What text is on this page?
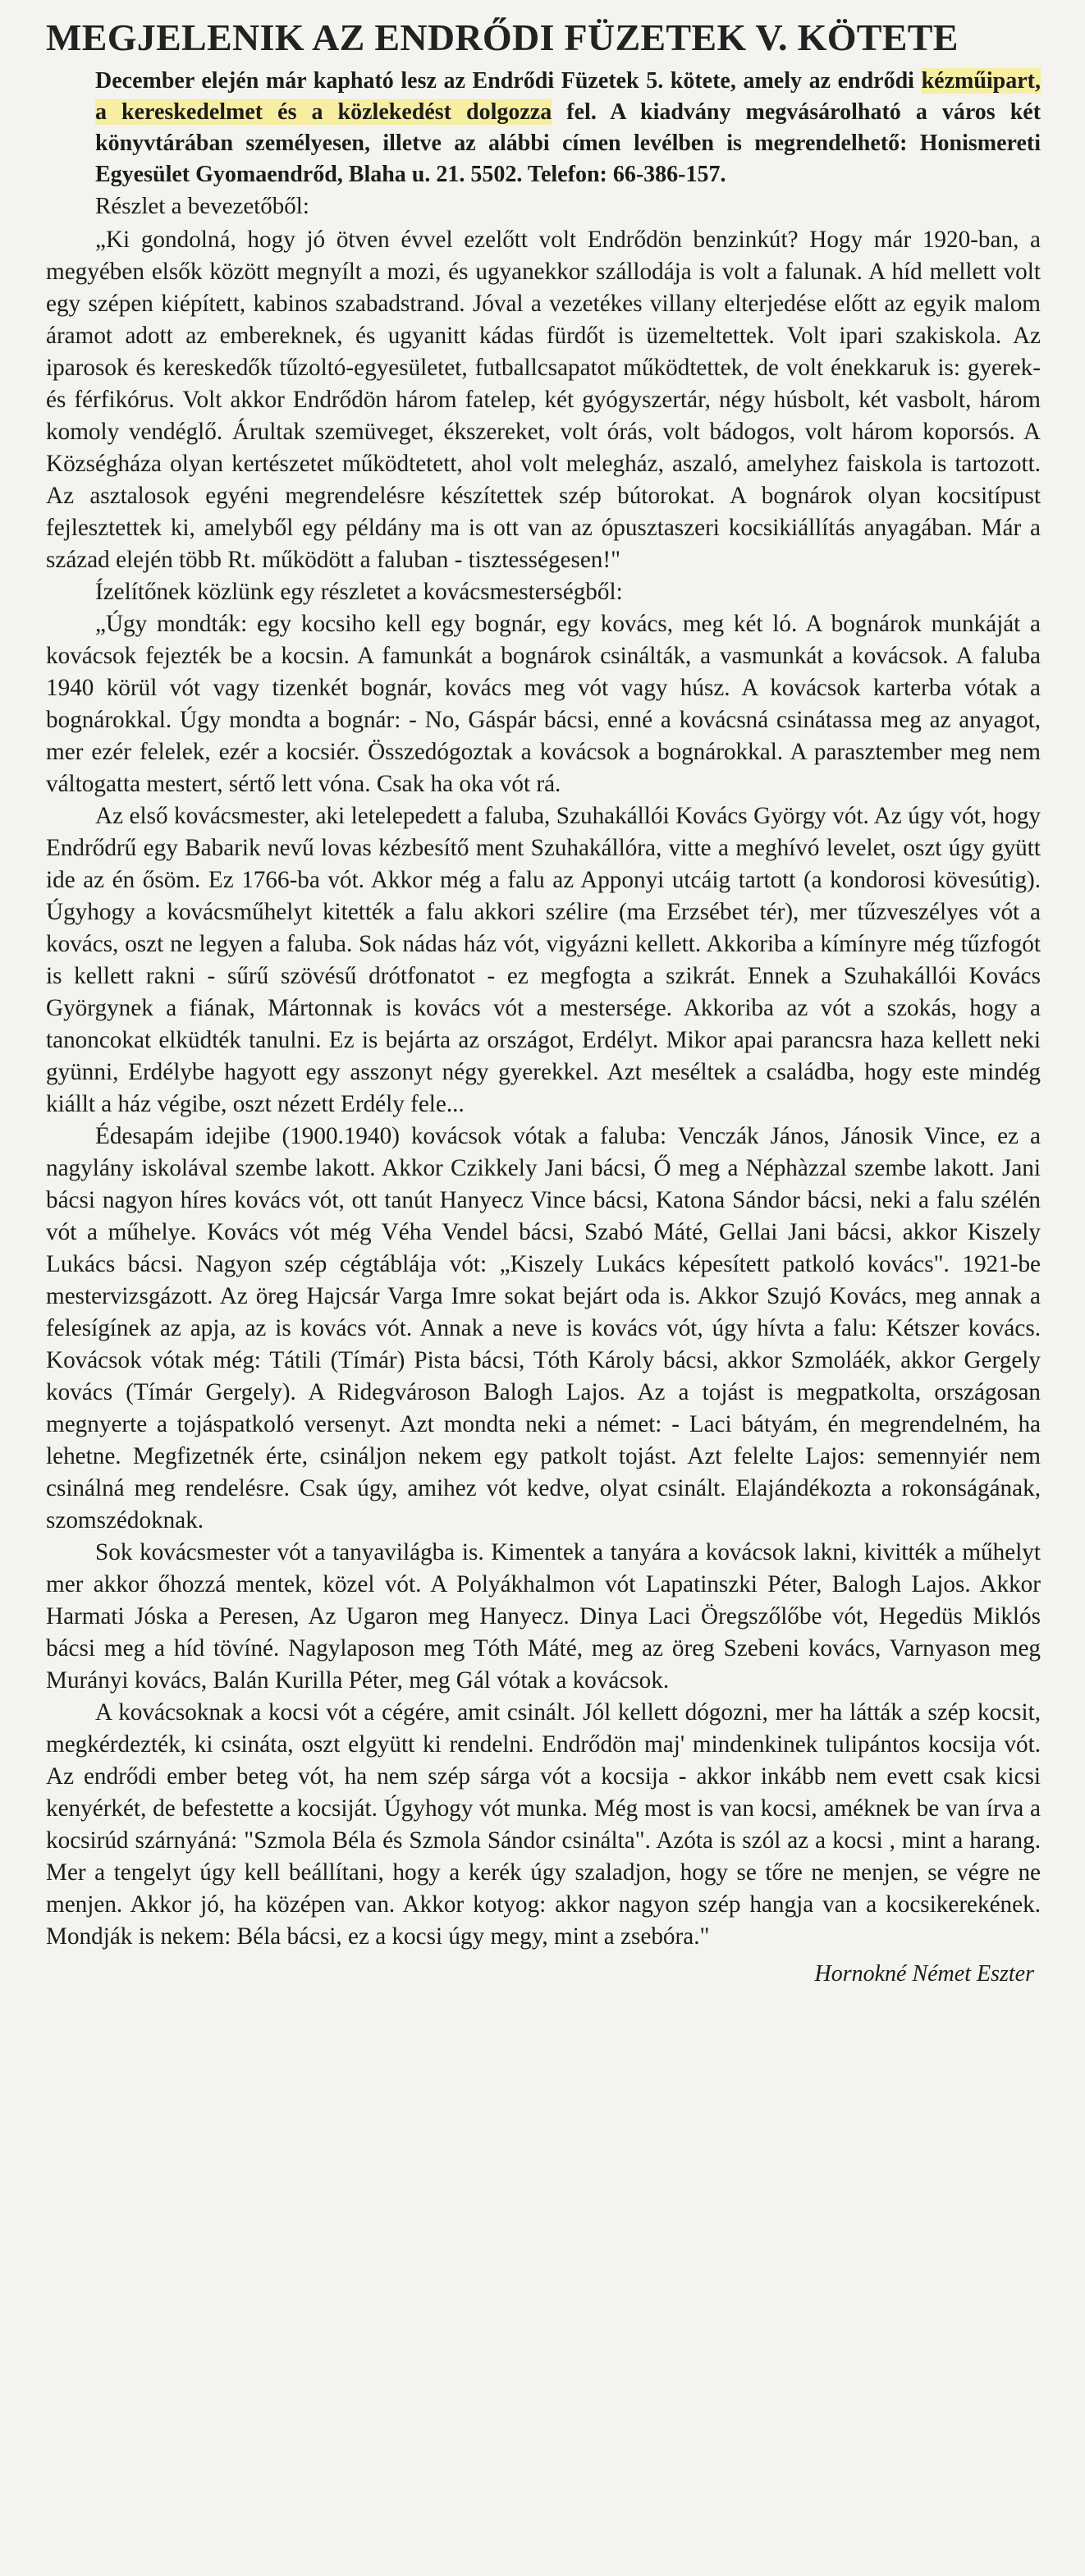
MEGJELENIK AZ ENDRŐDI FÜZETEK V. KÖTETE

December elején már kapható lesz az Endrődi Füzetek 5. kötete, amely az endrődi kézműipart, a kereskedelmet és a közlekedést dolgozza fel. A kiadvány megvásárolható a város két könyvtárában személyesen, illetve az alábbi címen levélben is megrendelhető: Honismereti Egyesület Gyomaendrőd, Blaha u. 21. 5502. Telefon: 66-386-157.

Részlet a bevezetőből:

„Ki gondolná, hogy jó ötven évvel ezelőtt volt Endrődön benzinkút? Hogy már 1920-ban, a megyében elsők között megnyílt a mozi, és ugyanekkor szállodája is volt a falunak. A híd mellett volt egy szépen kiépített, kabinos szabadstrand. Jóval a vezetékes villany elterjedése előtt az egyik malom áramot adott az embereknek, és ugyanitt kádas fürdőt is üzemeltettek. Volt ipari szakiskola. Az iparosok és kereskedők tűzoltó-egyesületet, futballcsapatot működtettek, de volt énekkaruk is: gyerek- és férfikórus. Volt akkor Endrődön három fatelep, két gyógyszertár, négy húsbolt, két vasbolt, három komoly vendéglő. Árultak szemüveget, ékszereket, volt órás, volt bádogos, volt három koporsós. A Községháza olyan kertészetet működtetett, ahol volt melegház, aszaló, amelyhez faiskola is tartozott. Az asztalosok egyéni megrendelésre készítettek szép bútorokat. A bognárok olyan kocsitípust fejlesztettek ki, amelyből egy példány ma is ott van az ópusztaszeri kocsikiállítás anyagában. Már a század elején több Rt. működött a faluban - tisztességesen!"

Ízelítőnek közlünk egy részletet a kovácsmesterségből:

„Úgy mondták: egy kocsiho kell egy bognár, egy kovács, meg két ló. A bognárok munkáját a kovácsok fejezték be a kocsin. A famunkát a bognárok csinálták, a vasmunkát a kovácsok. A faluba 1940 körül vót vagy tizenkét bognár, kovács meg vót vagy húsz. A kovácsok karterba vótak a bognárokkal. Úgy mondta a bognár: - No, Gáspár bácsi, enné a kovácsná csinátassa meg az anyagot, mer ezér felelek, ezér a kocsiér. Összedógoztak a kovácsok a bognárokkal. A parasztember meg nem váltogatta mestert, sértő lett vóna. Csak ha oka vót rá.

Az első kovácsmester, aki letelepedett a faluba, Szuhakállói Kovács György vót. Az úgy vót, hogy Endrődrű egy Babarik nevű lovas kézbesítő ment Szuhakállóra, vitte a meghívó levelet, oszt úgy gyütt ide az én ősöm. Ez 1766-ba vót. Akkor még a falu az Apponyi utcáig tartott (a kondorosi kövesútig). Úgyhogy a kovácsműhelyt kitették a falu akkori szélire (ma Erzsébet tér), mer tűzveszélyes vót a kovács, oszt ne legyen a faluba. Sok nádas ház vót, vigyázni kellett. Akkoriba a kímínyre még tűzfogót is kellett rakni - sűrű szövésű drótfonatot - ez megfogta a szikrát. Ennek a Szuhakállói Kovács Györgynek a fiának, Mártonnak is kovács vót a mestersége. Akkoriba az vót a szokás, hogy a tanoncokat elküdték tanulni. Ez is bejárta az országot, Erdélyt. Mikor apai parancsra haza kellett neki gyünni, Erdélybe hagyott egy asszonyt négy gyerekkel. Azt meséltek a családba, hogy este mindég kiállt a ház végibe, oszt nézett Erdély fele...

Édesapám idejibe (1900.1940) kovácsok vótak a faluba: Venczák János, Jánosik Vince, ez a nagylány iskolával szembe lakott. Akkor Czikkely Jani bácsi, Ő meg a Néphàzzal szembe lakott. Jani bácsi nagyon híres kovács vót, ott tanút Hanyecz Vince bácsi, Katona Sándor bácsi, neki a falu szélén vót a műhelye. Kovács vót még Véha Vendel bácsi, Szabó Máté, Gellai Jani bácsi, akkor Kiszely Lukács bácsi. Nagyon szép cégtáblája vót: „Kiszely Lukács képesített patkoló kovács". 1921-be mestervizsgázott. Az öreg Hajcsár Varga Imre sokat bejárt oda is. Akkor Szujó Kovács, meg annak a felesígínek az apja, az is kovács vót. Annak a neve is kovács vót, úgy hívta a falu: Kétszer kovács. Kovácsok vótak még: Tátili (Tímár) Pista bácsi, Tóth Károly bácsi, akkor Szmoláék, akkor Gergely kovács (Tímár Gergely). A Ridegvároson Balogh Lajos. Az a tojást is megpatkolta, országosan megnyerte a tojáspatkoló versenyt. Azt mondta neki a német: - Laci bátyám, én megrendelném, ha lehetne. Megfizetnék érte, csináljon nekem egy patkolt tojást. Azt felelte Lajos: semennyiér nem csinálná meg rendelésre. Csak úgy, amihez vót kedve, olyat csinált. Elajándékozta a rokonságának, szomszédoknak.

Sok kovácsmester vót a tanyavilágba is. Kimentek a tanyára a kovácsok lakni, kivitték a műhelyt mer akkor őhozzá mentek, közel vót. A Polyákhalmon vót Lapatinszki Péter, Balogh Lajos. Akkor Harmati Jóska a Peresen, Az Ugaron meg Hanyecz. Dinya Laci Öregszőlőbe vót, Hegedüs Miklós bácsi meg a híd tövíné. Nagylaposon meg Tóth Máté, meg az öreg Szebeni kovács, Varnyason meg Murányi kovács, Balán Kurilla Péter, meg Gál vótak a kovácsok.

A kovácsoknak a kocsi vót a cégére, amit csinált. Jól kellett dógozni, mer ha látták a szép kocsit, megkérdezték, ki csináta, oszt elgyütt ki rendelni. Endrődön maj' mindenkinek tulipántos kocsija vót. Az endrődi ember beteg vót, ha nem szép sárga vót a kocsija - akkor inkább nem evett csak kicsi kenyérkét, de befestette a kocsiját. Úgyhogy vót munka. Még most is van kocsi, améknek be van írva a kocsirúd szárnyáná: "Szmola Béla és Szmola Sándor csinálta". Azóta is szól az a kocsi , mint a harang. Mer a tengelyt úgy kell beállítani, hogy a kerék úgy szaladjon, hogy se tőre ne menjen, se végre ne menjen. Akkor jó, ha középen van. Akkor kotyog: akkor nagyon szép hangja van a kocsikerekének. Mondják is nekem: Béla bácsi, ez a kocsi úgy megy, mint a zsebóra."

Hornokné Német Eszter
